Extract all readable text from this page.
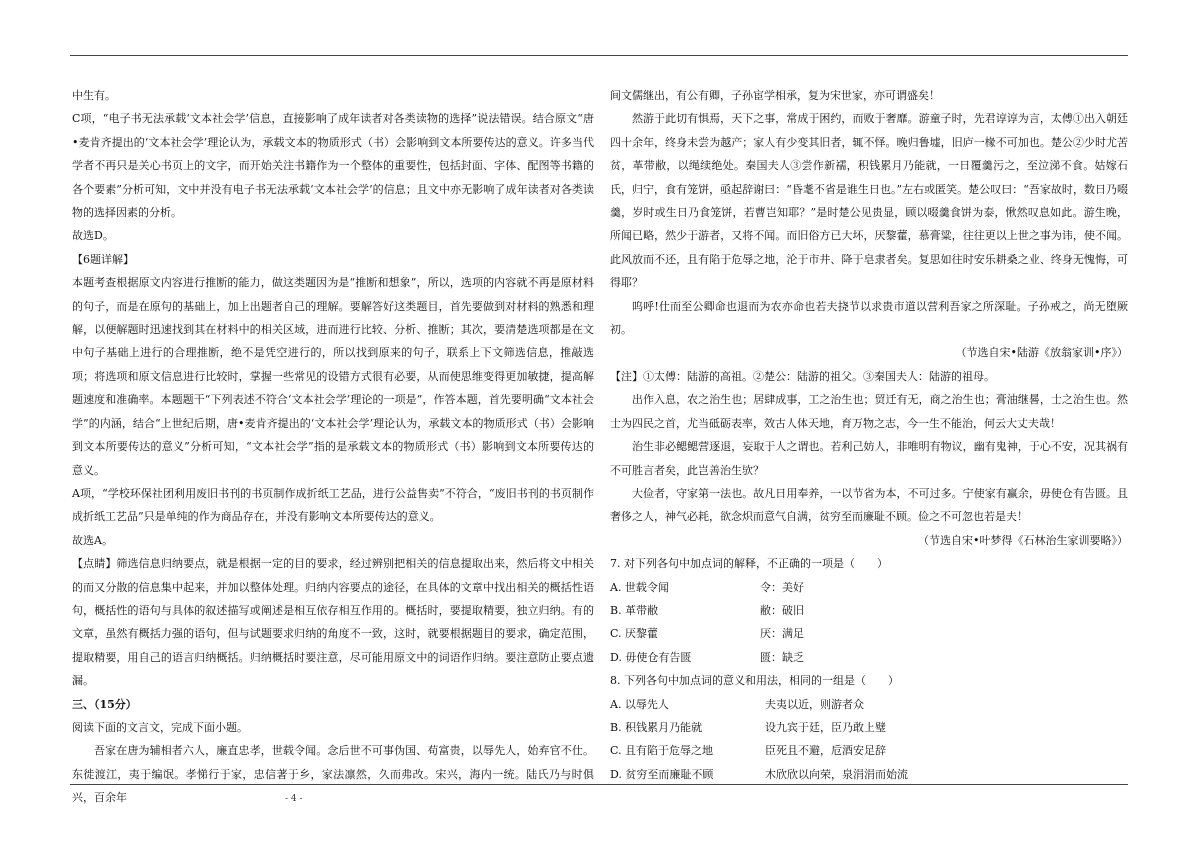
中生有。

C项，“电子书无法承载‘文本社会学’信息，直接影响了成年读者对各类读物的选择”说法错误。结合原文“唐•麦肯齐提出的‘文本社会学’理论认为，承载文本的物质形式（书）会影响到文本所要传达的意义。许多当代学者不再只是关心书页上的文字，而开始关注书籍作为一个整体的重要性，包括封面、字体、配图等书籍的各个要素”分析可知，文中并没有电子书无法承载‘文本社会学’的信息；且文中亦无影响了成年读者对各类读物的选择因素的分析。

故选D。

【6题详解】

本题考查根据原文内容进行推断的能力，做这类题因为是“推断和想象”，所以，选项的内容就不再是原材料的句子，而是在原句的基础上，加上出题者自己的理解。要解答好这类题目，首先要做到对材料的熟悉和理解，以便解题时迅速找到其在材料中的相关区域，进而进行比较、分析、推断；其次，要清楚选项都是在文中句子基础上进行的合理推断，绝不是凭空进行的，所以找到原来的句子，联系上下文筛选信息，推敲选项；将选项和原文信息进行比较时，掌握一些常见的设错方式很有必要，从而使思维变得更加敏捷，提高解题速度和准确率。本题题干“下列表述不符合‘文本社会学’理论的一项是”，作答本题，首先要明确“文本社会学”的内涵，结合“上世纪后期，唐•麦肯齐提出的‘文本社会学’理论认为，承载文本的物质形式（书）会影响到文本所要传达的意义”分析可知，“文本社会学”指的是承载文本的物质形式（书）影响到文本所要传达的意义。

A项，“学校环保社团利用废旧书刊的书页制作成折纸工艺品，进行公益售卖”不符合，“废旧书刊的书页制作成折纸工艺品”只是单纯的作为商品存在，并没有影响文本所要传达的意义。

故选A。

【点睛】筛选信息归纳要点，就是根据一定的目的要求，经过辨别把相关的信息提取出来，然后将文中相关的而又分散的信息集中起来，并加以整体处理。归纳内容要点的途径，在具体的文章中找出相关的概括性语句，概括性的语句与具体的叙述描写或阐述是相互依存相互作用的。概括时，要提取精要，独立归纳。有的文章，虽然有概括力强的语句，但与试题要求归纳的角度不一致，这时，就要根据题目的要求，确定范围，提取精要，用自己的语言归纳概括。归纳概括时要注意，尽可能用原文中的词语作归纳。要注意防止要点遗漏。

三、（15分）

阅读下面的文言文，完成下面小题。

吾家在唐为辅相者六人，廉直忠孝，世载令闻。念后世不可事伪国、苟富贵，以辱先人，始弃官不仕。东徙渡江，夷于编氓。孝悌行于家，忠信著于乡，家法凛然，久而弗改。宋兴，海内一统。陆氏乃与时俱兴，百余年

间文儒继出，有公有卿，子孙宦学相承，复为宋世家，亦可谓盛矣！

然游于此切有惧焉，天下之事，常成于困约，而败于奢靡。游童子时，先君谆谆为言，太傅①出入朝廷四十余年，终身未尝为越产；家人有少变其旧者，辄不怿。晚归鲁墟，旧庐一椽不可加也。楚公②少时尤苦贫，革带敝，以绳续绝处。秦国夫人③尝作新襦，积钱累月乃能就，一日覆羹污之，至泣涕不食。姑嫁石氏，归宁，食有笼饼，亟起辞谢曰：“昏耄不省是谁生日也。”左右或匿笑。楚公叹曰：“吾家故时，数日乃啜羹，岁时或生日乃食笼饼，若曹岂知耶？”是时楚公见贵显，顾以啜羹食饼为泰，愀然叹息如此。游生晚，所闻已略，然少于游者，又将不闻。而旧俗方已大坏，厌黎藿，慕膏粱，往往更以上世之事为讳，使不闻。此风放而不还，且有陷于危辱之地，沦于市井、降于皂隶者矣。复思如往时安乐耕桑之业、终身无愧悔，可得耶？

呜呼!仕而至公卿命也退而为农亦命也若夫挠节以求贵市道以营利吾家之所深耻。子孙戒之，尚无堕厥初。

（节选自宋•陆游《放翁家训•序》）

【注】①太傅：陆游的高祖。②楚公：陆游的祖父。③秦国夫人：陆游的祖母。

出作入息，农之治生也；居肆成事，工之治生也；贸迁有无，商之治生也；膏油继晷，士之治生也。然士为四民之首，尤当砥砺表率，效古人体天地，育万物之志，今一生不能治，何云大丈夫哉！

治生非必鳃鳃营逐退，妄取于人之谓也。若利己妨人，非唯明有物议，幽有鬼神，于心不安，况其祸有不可胜言者矣，此岂善治生欤？

大俭者，守家第一法也。故凡日用奉养，一以节省为本，不可过多。宁使家有赢余，毋使仓有告匮。且奢侈之人，神气必耗，欲念炽而意气自满，贫穷至而廉耻不顾。俭之不可忽也若是夫！

（节选自宋•叶梦得《石林治生家训要略》）

7. 对下列各句中加点词的解释，不正确的一项是（　　）

A. 世载令闻	令：美好
B. 革带敝	敝：破旧
C. 厌黎藿	厌：满足
D. 毋使仓有告匮	匮：缺乏

8. 下列各句中加点词的意义和用法，相同的一组是（　　）

A. 以辱先人	夫夷以近，则游者众
B. 积钱累月乃能就	设九宾于廷，臣乃敢上璧
C. 且有陷于危辱之地	臣死且不避，卮酒安足辞
D. 贫穷至而廉耻不顾	木欣欣以向荣，泉涓涓而始流
- 4 -
